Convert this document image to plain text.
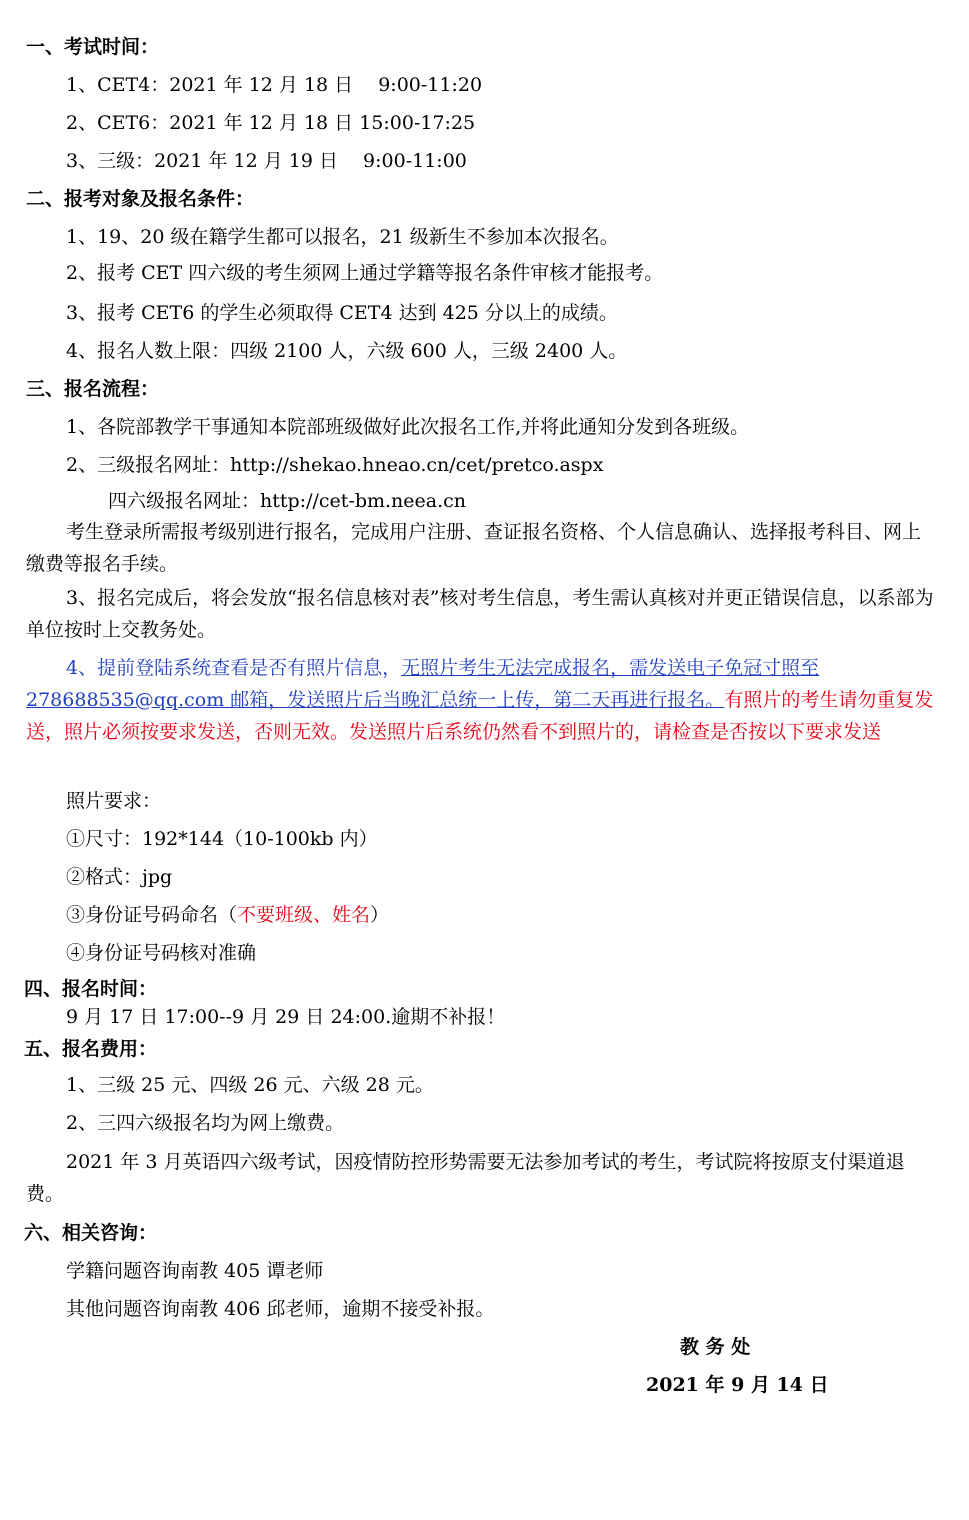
一、考试时间：
1、CET4：2021 年 12 月 18 日　 9:00-11:20
2、CET6：2021 年 12 月 18 日 15:00-17:25
3、三级：2021 年 12 月 19 日　 9:00-11:00
二、报考对象及报名条件：
1、19、20 级在籍学生都可以报名，21 级新生不参加本次报名。
2、报考 CET 四六级的考生须网上通过学籍等报名条件审核才能报考。
3、报考 CET6 的学生必须取得 CET4 达到 425 分以上的成绩。
4、报名人数上限：四级 2100 人，六级 600 人，三级 2400 人。
三、报名流程：
1、各院部教学干事通知本院部班级做好此次报名工作,并将此通知分发到各班级。
2、三级报名网址：http://shekao.hneao.cn/cet/pretco.aspx
四六级报名网址：http://cet-bm.neea.cn
考生登录所需报考级别进行报名，完成用户注册、查证报名资格、个人信息确认、选择报考科目、网上缴费等报名手续。
3、报名完成后，将会发放“报名信息核对表”核对考生信息，考生需认真核对并更正错误信息，以系部为单位按时上交教务处。
4、提前登陆系统查看是否有照片信息，无照片考生无法完成报名，需发送电子免冠寸照至278688535@qq.com 邮箱，发送照片后当晚汇总统一上传，第二天再进行报名。有照片的考生请勿重复发送，照片必须按要求发送，否则无效。发送照片后系统仍然看不到照片的，请检查是否按以下要求发送
照片要求：
①尺寸：192*144（10-100kb 内）
②格式：jpg
③身份证号码命名（不要班级、姓名）
④身份证号码核对准确
四、报名时间：
9 月 17 日 17:00--9 月 29 日 24:00.逾期不补报！
五、报名费用：
1、三级 25 元、四级 26 元、六级 28 元。
2、三四六级报名均为网上缴费。
2021 年 3 月英语四六级考试，因疫情防控形势需要无法参加考试的考生，考试院将按原支付渠道退费。
六、相关咨询：
学籍问题咨询南教 405 谭老师
其他问题咨询南教 406 邱老师，逾期不接受补报。
教 务 处
2021 年 9 月 14 日
